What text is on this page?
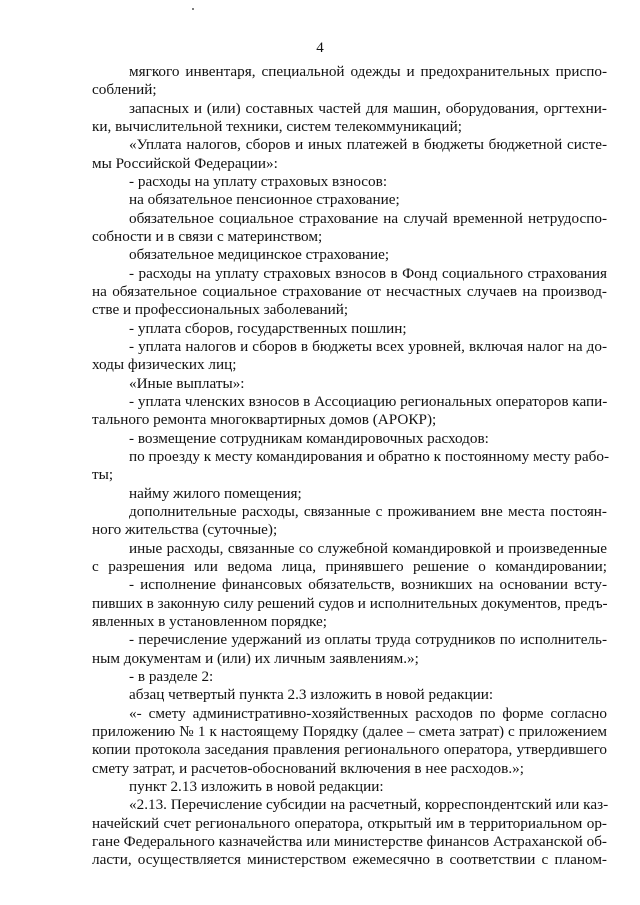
4
мягкого инвентаря, специальной одежды и предохранительных приспо-
соблений;
запасных и (или) составных частей для машин, оборудования, оргтехни-
ки, вычислительной техники, систем телекоммуникаций;
«Уплата налогов, сборов и иных платежей в бюджеты бюджетной систе-
мы Российской Федерации»:
- расходы на уплату страховых взносов:
на обязательное пенсионное страхование;
обязательное социальное страхование на случай временной нетрудоспо-
собности и в связи с материнством;
обязательное медицинское страхование;
- расходы на уплату страховых взносов в Фонд социального страхования
на обязательное социальное страхование от несчастных случаев на производ-
стве и профессиональных заболеваний;
- уплата сборов, государственных пошлин;
- уплата налогов и сборов в бюджеты всех уровней, включая налог на до-
ходы физических лиц;
«Иные выплаты»:
- уплата членских взносов в Ассоциацию региональных операторов капи-
тального ремонта многоквартирных домов (АРОКР);
- возмещение сотрудникам командировочных расходов:
по проезду к месту командирования и обратно к постоянному месту рабо-
ты;
найму жилого помещения;
дополнительные расходы, связанные с проживанием вне места постоян-
ного жительства (суточные);
иные расходы, связанные со служебной командировкой и произведенные
с разрешения или ведома лица, принявшего решение о командировании;
- исполнение финансовых обязательств, возникших на основании всту-
пивших в законную силу решений судов и исполнительных документов, предъ-
явленных в установленном порядке;
- перечисление удержаний из оплаты труда сотрудников по исполнитель-
ным документам и (или) их личным заявлениям.»;
- в разделе 2:
абзац четвертый пункта 2.3 изложить в новой редакции:
«- смету административно-хозяйственных расходов по форме согласно
приложению № 1 к настоящему Порядку (далее – смета затрат) с приложением
копии протокола заседания правления регионального оператора, утвердившего
смету затрат, и расчетов-обоснований включения в нее расходов.»;
пункт 2.13 изложить в новой редакции:
«2.13. Перечисление субсидии на расчетный, корреспондентский или каз-
начейский счет регионального оператора, открытый им в территориальном ор-
гане Федерального казначейства или министерстве финансов Астраханской об-
ласти, осуществляется министерством ежемесячно в соответствии с планом-
